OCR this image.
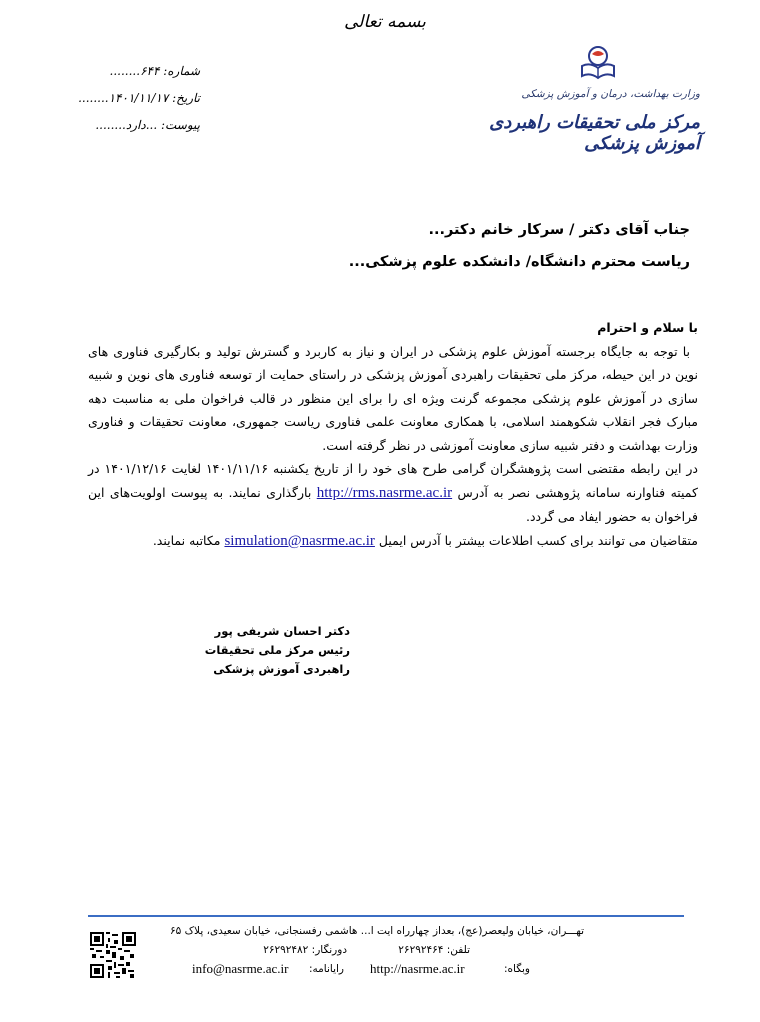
بسمه تعالی
وزارت بهداشت، درمان و آموزش پزشکی
مرکز ملی تحقیقات راهبردی آموزش پزشکی
شماره: ۶۴۴........
تاریخ: ۱۴۰۱/۱۱/۱۷........
پیوست: ...دارد........
جناب آقای دکتر / سرکار خانم دکتر...
ریاست محترم دانشگاه/ دانشکده علوم پزشکی...

با سلام و احترام

با توجه به جایگاه برجسته آموزش علوم پزشکی در ایران و نیاز به کاربرد و گسترش تولید و بکارگیری فناوری های نوین در این حیطه، مرکز ملی تحقیقات راهبردی آموزش پزشکی در راستای حمایت از توسعه فناوری های نوین و شبیه سازی در آموزش علوم پزشکی مجموعه گرنت ویژه ای را برای این منظور در قالب فراخوان ملی به مناسبت دهه مبارک فجر انقلاب شکوهمند اسلامی، با همکاری معاونت علمی فناوری ریاست جمهوری، معاونت تحقیقات و فناوری وزارت بهداشت و دفتر شبیه سازی معاونت آموزشی در نظر گرفته است.

در این رابطه مقتضی است پژوهشگران گرامی طرح های خود را از تاریخ یکشنبه ۱۴۰۱/۱۱/۱۶ لغایت ۱۴۰۱/۱۲/۱۶ در کمیته فناوارنه سامانه پژوهشی نصر به آدرس http://rms.nasrme.ac.ir بارگذاری نمایند. به پیوست اولویت‌های این فراخوان به حضور ایفاد می گردد.

متقاضیان می توانند برای کسب اطلاعات بیشتر با آدرس ایمیل simulation@nasrme.ac.ir مکاتبه نمایند.

دکتر احسان شریفی پور
رئیس مرکز ملی تحقیقات
راهبردی آموزش پزشکی
تهـــران، خیابان ولیعصر(عج)، بعداز چهارراه ایت ا... هاشمی رفسنجانی، خیابان سعیدی، پلاک ۶۵
تلفن: ۲۶۲۹۲۴۶۴
دورنگار: ۲۶۲۹۲۴۸۲
وبگاه:
http://nasrme.ac.ir
رایانامه:
info@nasrme.ac.ir
